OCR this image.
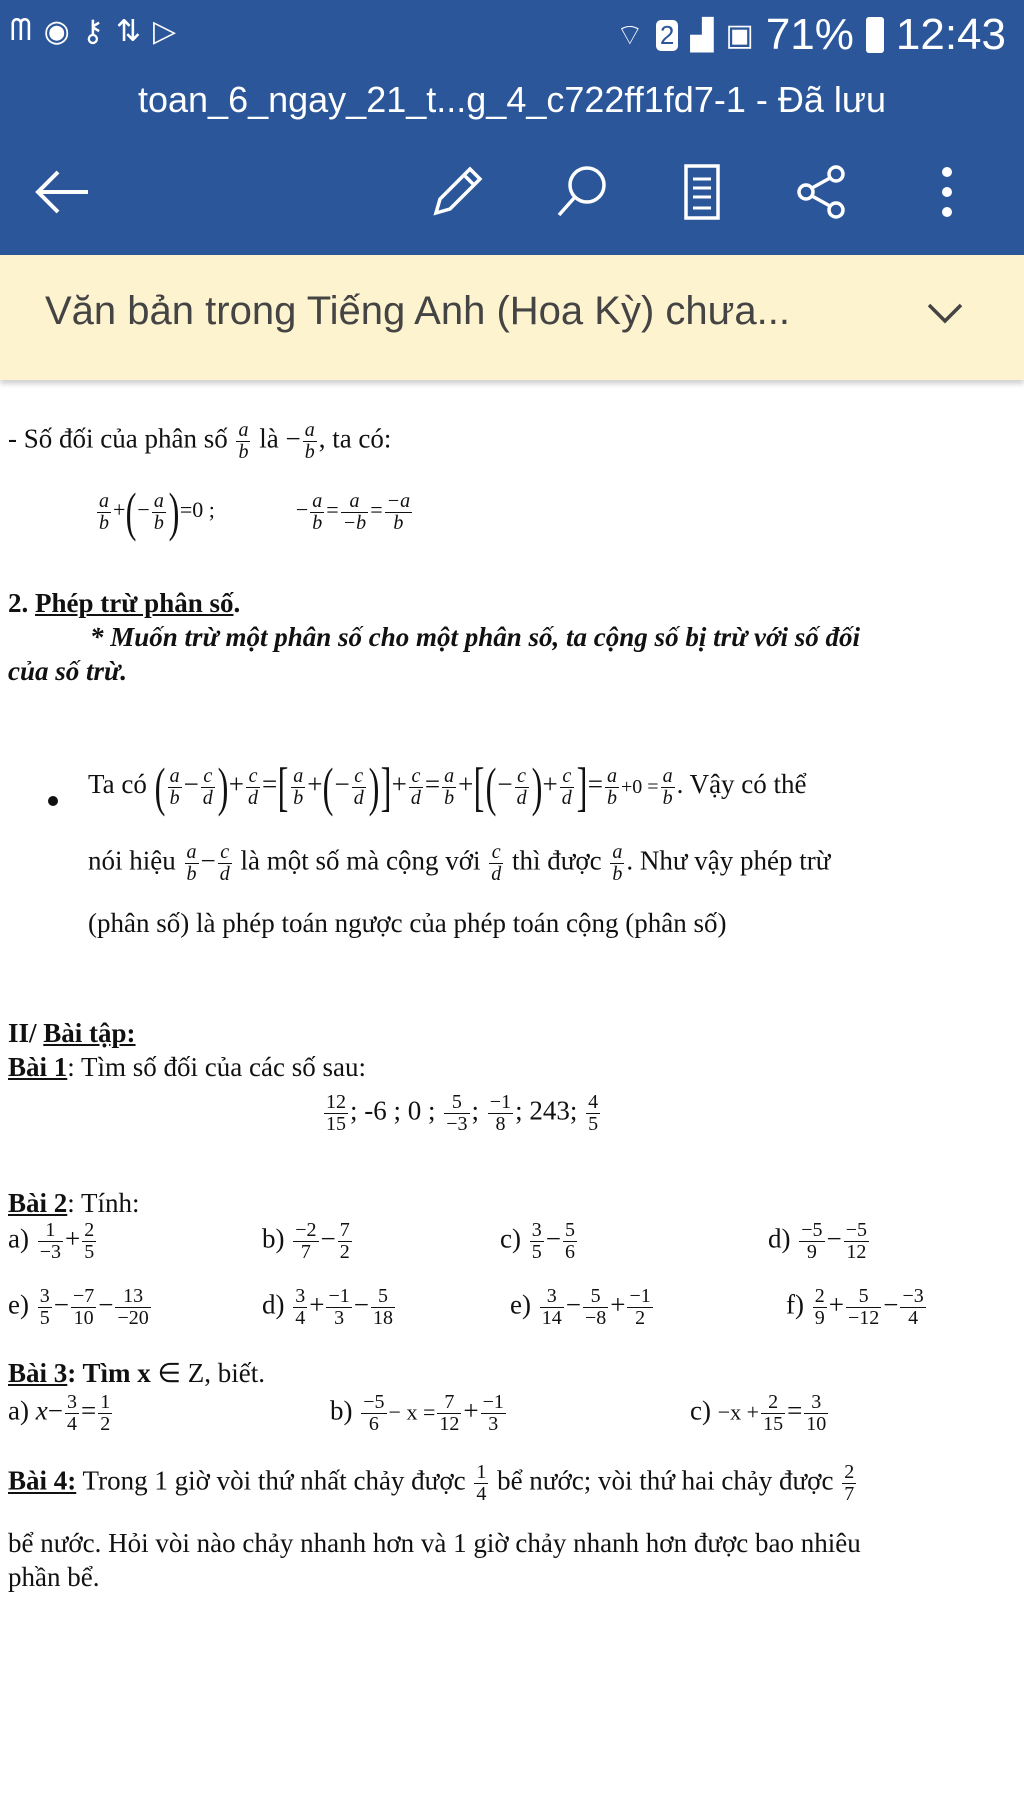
ᗰ ◉ ⚷ ⇅ ▷	⌔ 2 ▟ ▣ 71% 12:43
toan_6_ngay_21_t...g_4_c722ff1fd7-1 - Đã lưu
Văn bản trong Tiếng Anh (Hoa Kỳ) chưa...
- Số đối của phân số $\frac{a}{b}$ là − $\frac{a}{b}$ , ta có:
$\frac{a}{b}$ +(− $\frac{a}{b} )=0$ ;	− $\frac{a}{b} = \frac{a}{-b} = \frac{-a}{b}$
2. Phép trừ phân số.
* Muốn trừ một phân số cho một phân số, ta cộng số bị trừ với số đối
của số trừ.
Ta có ( $\frac{a}{b} - \frac{c}{d}$ )+ $\frac{c}{d}$ =[ $\frac{a}{b}$ +(− $\frac{c}{d}$ )]+ $\frac{c}{d} = \frac{a}{b}$ +[(− $\frac{c}{d}$ )+ $\frac{c}{d}$ ]= $\frac{a}{b} +0 = \frac{a}{b}$ . Vậy có thể
nói hiệu $\frac{a}{b} - \frac{c}{d}$ là một số mà cộng với $\frac{c}{d}$ thì được $\frac{a}{b}$ . Như vậy phép trừ
(phân số) là phép toán ngược của phép toán cộng (phân số)
II/ Bài tập:
Bài 1: Tìm số đối của các số sau:
$\frac{12}{15}$ ; -6 ; 0 ; $\frac{5}{-3}$ ; $\frac{-1}{8}$ ; 243; $\frac{4}{5}$
Bài 2: Tính:
$a) \frac{1}{-3} + \frac{2}{5}$	$b) \frac{-2}{7} - \frac{7}{2}$	$c) \frac{3}{5} - \frac{5}{6}$	$d) \frac{-5}{9} - \frac{-5}{12}$
$e) \frac{3}{5} - \frac{-7}{10} - \frac{13}{-20}$	$d) \frac{3}{4} + \frac{-1}{3} - \frac{5}{18}$	$e) \frac{3}{14} - \frac{5}{-8} + \frac{-1}{2}$	$f) \frac{2}{9} + \frac{5}{-12} - \frac{-3}{4}$
Bài 3: Tìm x ∈ Z, biết.
a) $x- \frac{3}{4} = \frac{1}{2}$	$b) \frac{-5}{6} - x = \frac{7}{12} + \frac{-1}{3}$	$c) -x + \frac{2}{15} = \frac{3}{10}$
Bài 4: Trong 1 giờ vòi thứ nhất chảy được $\frac{1}{4}$ bể nước; vòi thứ hai chảy được $\frac{2}{7}$
bể nước. Hỏi vòi nào chảy nhanh hơn và 1 giờ chảy nhanh hơn được bao nhiêu
phần bể.
